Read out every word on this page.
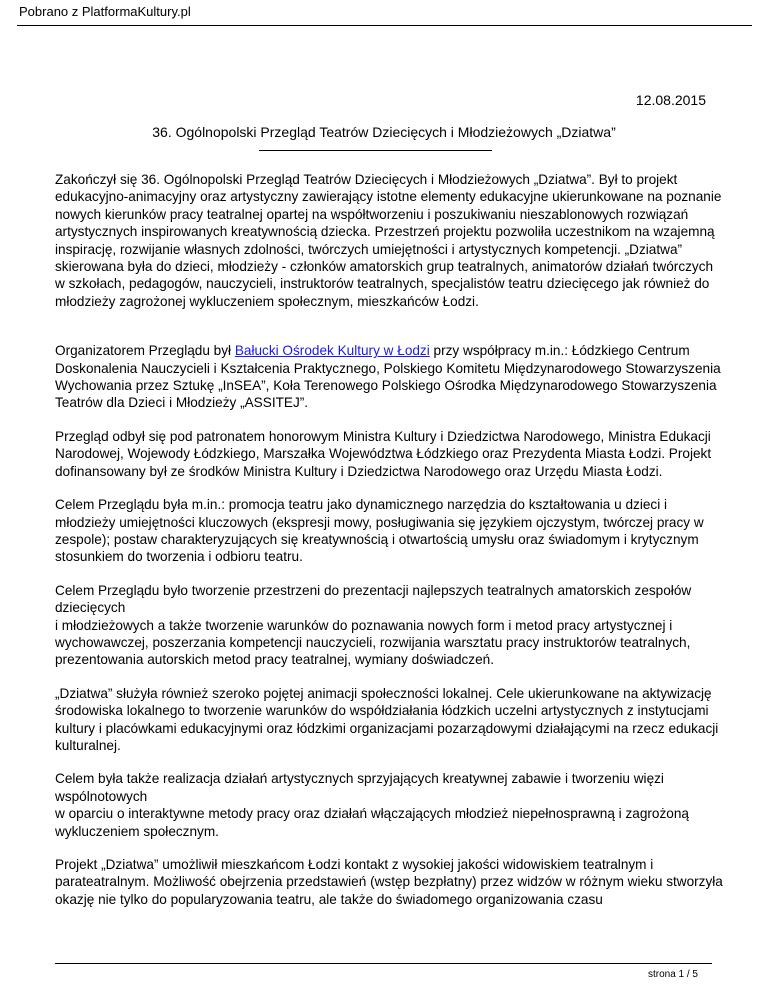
Pobrano z PlatformaKultury.pl
12.08.2015
36. Ogólnopolski Przegląd Teatrów Dziecięcych i Młodzieżowych „Dziatwa”

Zakończył się 36. Ogólnopolski Przegląd Teatrów Dziecięcych i Młodzieżowych „Dziatwa”. Był to projekt edukacyjno-animacyjny oraz artystyczny zawierający istotne elementy edukacyjne ukierunkowane na poznanie nowych kierunków pracy teatralnej opartej na współtworzeniu i poszukiwaniu nieszablonowych rozwiązań artystycznych inspirowanych kreatywnością dziecka. Przestrzeń projektu pozwoliła uczestnikom na wzajemną inspirację, rozwijanie własnych zdolności, twórczych umiejętności i artystycznych kompetencji. „Dziatwa” skierowana była do dzieci, młodzieży - członków amatorskich grup teatralnych, animatorów działań twórczych w szkołach, pedagogów, nauczycieli, instruktorów teatralnych, specjalistów teatru dziecięcego jak również do młodzieży zagrożonej wykluczeniem społecznym, mieszkańców Łodzi.

Organizatorem Przeglądu był Bałucki Ośrodek Kultury w Łodzi przy współpracy m.in.: Łódzkiego Centrum Doskonalenia Nauczycieli i Kształcenia Praktycznego, Polskiego Komitetu Międzynarodowego Stowarzyszenia Wychowania przez Sztukę „InSEA”, Koła Terenowego Polskiego Ośrodka Międzynarodowego Stowarzyszenia Teatrów dla Dzieci i Młodzieży „ASSITEJ”.

Przegląd odbył się pod patronatem honorowym Ministra Kultury i Dziedzictwa Narodowego, Ministra Edukacji Narodowej, Wojewody Łódzkiego, Marszałka Województwa Łódzkiego oraz Prezydenta Miasta Łodzi. Projekt dofinansowany był ze środków Ministra Kultury i Dziedzictwa Narodowego oraz Urzędu Miasta Łodzi.

Celem Przeglądu była m.in.: promocja teatru jako dynamicznego narzędzia do kształtowania u dzieci i młodzieży umiejętności kluczowych (ekspresji mowy, posługiwania się językiem ojczystym, twórczej pracy w zespole); postaw charakteryzujących się kreatywnością i otwartością umysłu oraz świadomym i krytycznym stosunkiem do tworzenia i odbioru teatru.

Celem Przeglądu było tworzenie przestrzeni do prezentacji najlepszych teatralnych amatorskich zespołów dziecięcych
i młodzieżowych a także tworzenie warunków do poznawania nowych form i metod pracy artystycznej i wychowawczej, poszerzania kompetencji nauczycieli, rozwijania warsztatu pracy instruktorów teatralnych, prezentowania autorskich metod pracy teatralnej, wymiany doświadczeń.

„Dziatwa” służyła również szeroko pojętej animacji społeczności lokalnej. Cele ukierunkowane na aktywizację środowiska lokalnego to tworzenie warunków do współdziałania łódzkich uczelni artystycznych z instytucjami kultury i placówkami edukacyjnymi oraz łódzkimi organizacjami pozarządowymi działającymi na rzecz edukacji kulturalnej.

Celem była także realizacja działań artystycznych sprzyjających kreatywnej zabawie i tworzeniu więzi wspólnotowych
w oparciu o interaktywne metody pracy oraz działań włączających młodzież niepełnosprawną i zagrożoną wykluczeniem społecznym.

Projekt „Dziatwa” umożliwił mieszkańcom Łodzi kontakt z wysokiej jakości widowiskiem teatralnym i parateatralnym. Możliwość obejrzenia przedstawień (wstęp bezpłatny) przez widzów w różnym wieku stworzyła okazję nie tylko do popularyzowania teatru, ale także do świadomego organizowania czasu

strona 1 / 5
